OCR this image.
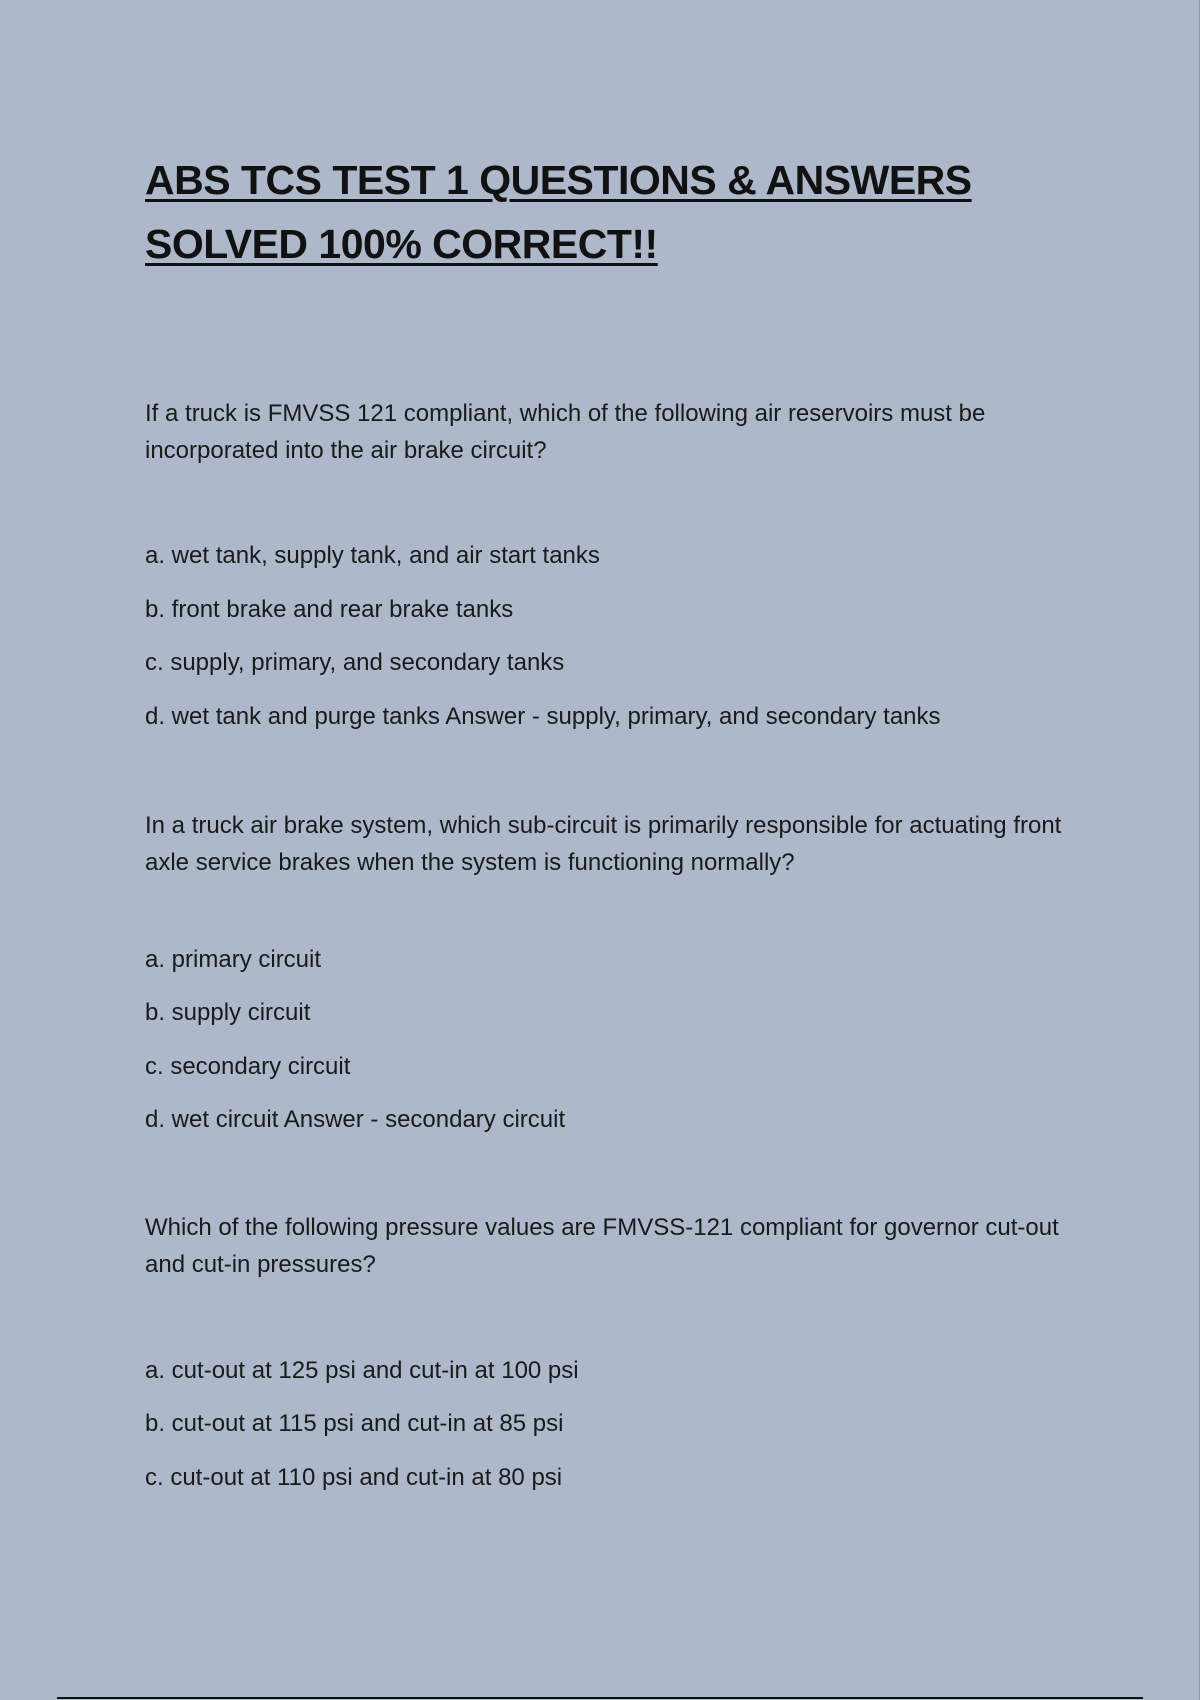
ABS TCS TEST 1 QUESTIONS & ANSWERS
SOLVED 100% CORRECT!!

If a truck is FMVSS 121 compliant, which of the following air reservoirs must be incorporated into the air brake circuit?

a. wet tank, supply tank, and air start tanks

b. front brake and rear brake tanks

c. supply, primary, and secondary tanks

d. wet tank and purge tanks Answer - supply, primary, and secondary tanks

In a truck air brake system, which sub-circuit is primarily responsible for actuating front axle service brakes when the system is functioning normally?

a. primary circuit

b. supply circuit

c. secondary circuit

d. wet circuit Answer - secondary circuit

Which of the following pressure values are FMVSS-121 compliant for governor cut-out and cut-in pressures?

a. cut-out at 125 psi and cut-in at 100 psi

b. cut-out at 115 psi and cut-in at 85 psi

c. cut-out at 110 psi and cut-in at 80 psi
